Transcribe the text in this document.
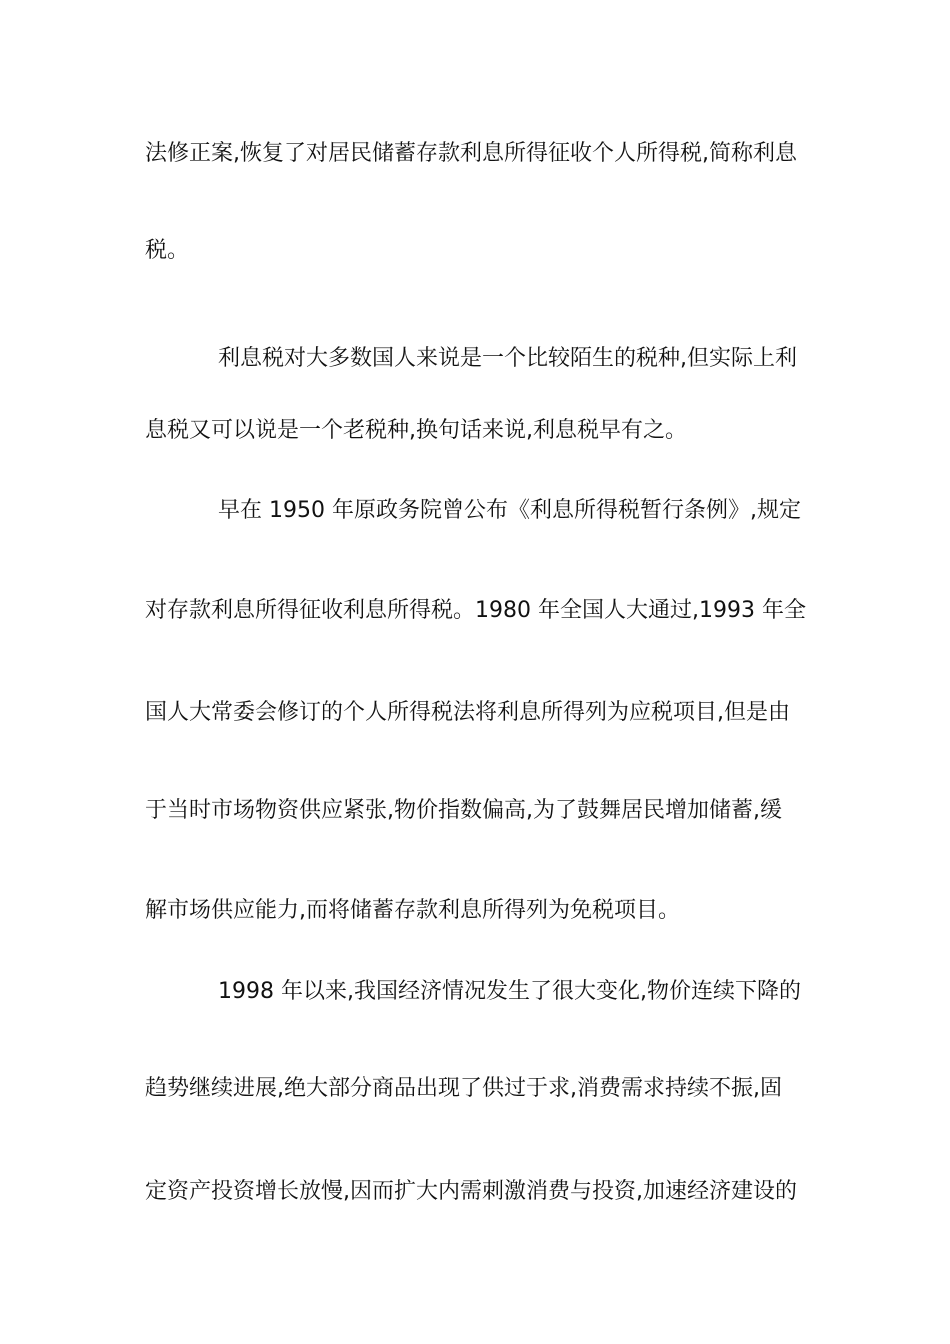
法修正案,恢复了对居民储蓄存款利息所得征收个人所得税,简称利息
税。
利息税对大多数国人来说是一个比较陌生的税种,但实际上利
息税又可以说是一个老税种,换句话来说,利息税早有之。
早在 1950 年原政务院曾公布《利息所得税暂行条例》,规定
对存款利息所得征收利息所得税。1980 年全国人大通过,1993 年全
国人大常委会修订的个人所得税法将利息所得列为应税项目,但是由
于当时市场物资供应紧张,物价指数偏高,为了鼓舞居民增加储蓄,缓
解市场供应能力,而将储蓄存款利息所得列为免税项目。
1998 年以来,我国经济情况发生了很大变化,物价连续下降的
趋势继续进展,绝大部分商品出现了供过于求,消费需求持续不振,固
定资产投资增长放慢,因而扩大内需刺激消费与投资,加速经济建设的
